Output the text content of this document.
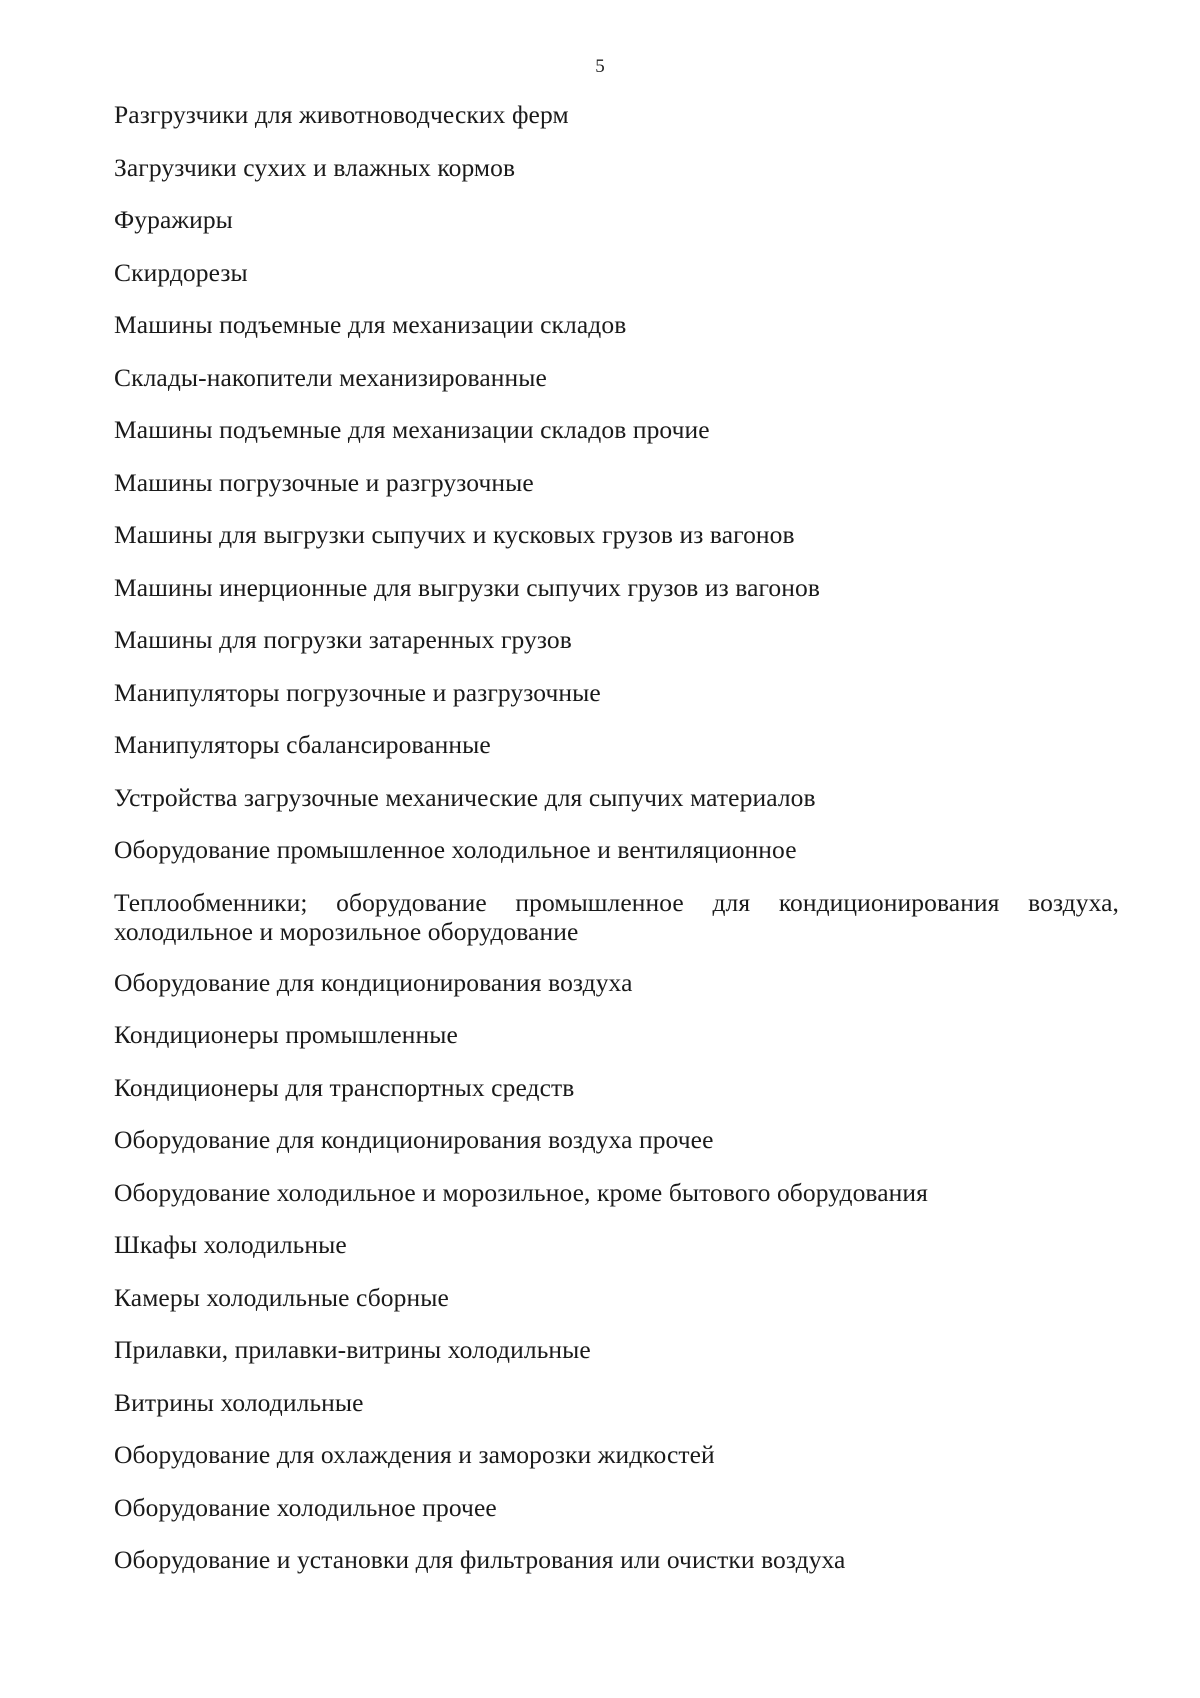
5
Разгрузчики для животноводческих ферм
Загрузчики сухих и влажных кормов
Фуражиры
Скирдорезы
Машины подъемные для механизации складов
Склады-накопители механизированные
Машины подъемные для механизации складов прочие
Машины погрузочные и разгрузочные
Машины для выгрузки сыпучих и кусковых грузов из вагонов
Машины инерционные для выгрузки сыпучих грузов из вагонов
Машины для погрузки затаренных грузов
Манипуляторы погрузочные и разгрузочные
Манипуляторы сбалансированные
Устройства загрузочные механические для сыпучих материалов
Оборудование промышленное холодильное и вентиляционное
Теплообменники; оборудование промышленное для кондиционирования воздуха, холодильное и морозильное оборудование
Оборудование для кондиционирования воздуха
Кондиционеры промышленные
Кондиционеры для транспортных средств
Оборудование для кондиционирования воздуха прочее
Оборудование холодильное и морозильное, кроме бытового оборудования
Шкафы холодильные
Камеры холодильные сборные
Прилавки, прилавки-витрины холодильные
Витрины холодильные
Оборудование для охлаждения и заморозки жидкостей
Оборудование холодильное прочее
Оборудование и установки для фильтрования или очистки воздуха
